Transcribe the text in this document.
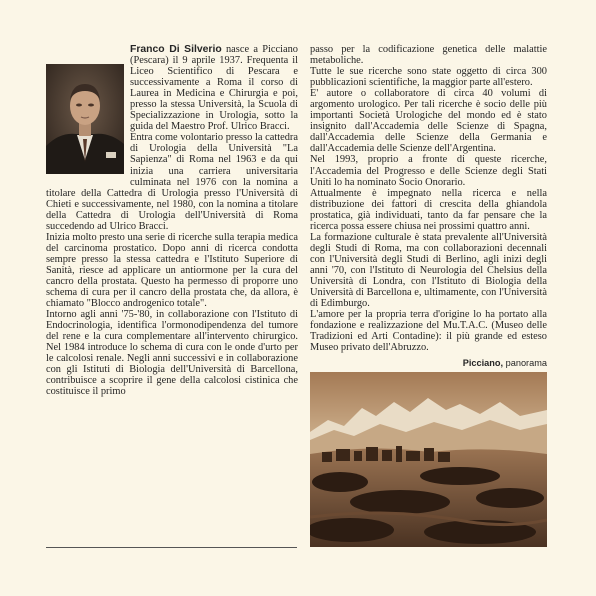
Franco Di Silverio nasce a Picciano (Pescara) il 9 aprile 1937. Frequenta il Liceo Scientifico di Pescara e successivamente a Roma il corso di Laurea in Medicina e Chirurgia e poi, presso la stessa Università, la Scuola di Specializzazione in Urologia, sotto la guida del Maestro Prof. Ulrico Bracci.

Entra come volontario presso la cattedra di Urologia della Università "La Sapienza" di Roma nel 1963 e da qui inizia una carriera universitaria culminata nel 1976 con la nomina a titolare della Cattedra di Urologia presso l'Università di Chieti e successivamente, nel 1980, con la nomina a titolare della Cattedra di Urologia dell'Università di Roma succedendo ad Ulrico Bracci.

Inizia molto presto una serie di ricerche sulla terapia medica del carcinoma prostatico. Dopo anni di ricerca condotta sempre presso la stessa cattedra e l'Istituto Superiore di Sanità, riesce ad applicare un antiormone per la cura del cancro della prostata. Questo ha permesso di proporre uno schema di cura per il cancro della prostata che, da allora, è chiamato "Blocco androgenico totale".

Intorno agli anni '75-'80, in collaborazione con l'Istituto di Endocrinologia, identifica l'ormonodipendenza del tumore del rene e la cura complementare all'intervento chirurgico. Nel 1984 introduce lo schema di cura con le onde d'urto per le calcolosi renale. Negli anni successivi e in collaborazione con gli Istituti di Biologia dell'Università di Barcellona, contribuisce a scoprire il gene della calcolosi cistinica che costituisce il primo

passo per la codificazione genetica delle malattie metaboliche.

Tutte le sue ricerche sono state oggetto di circa 300 pubblicazioni scientifiche, la maggior parte all'estero.

E' autore o collaboratore di circa 40 volumi di argomento urologico. Per tali ricerche è socio delle più importanti Società Urologiche del mondo ed è stato insignito dall'Accademia delle Scienze di Spagna, dall'Accademia delle Scienze della Germania e dall'Accademia delle Scienze dell'Argentina.

Nel 1993, proprio a fronte di queste ricerche, l'Accademia del Progresso e delle Scienze degli Stati Uniti lo ha nominato Socio Onorario.

Attualmente è impegnato nella ricerca e nella distribuzione dei fattori di crescita della ghiandola prostatica, già individuati, tanto da far pensare che la ricerca possa essere chiusa nei prossimi quattro anni.

La formazione culturale è stata prevalente all'Università degli Studi di Roma, ma con collaborazioni decennali con l'Università degli Studi di Berlino, agli inizi degli anni '70, con l'Istituto di Neurologia del Chelsius della Università di Londra, con l'Istituto di Biologia della Università di Barcellona e, ultimamente, con l'Università di Edimburgo.

L'amore per la propria terra d'origine lo ha portato alla fondazione e realizzazione del Mu.T.A.C. (Museo delle Tradizioni ed Arti Contadine): il più grande ed esteso Museo privato dell'Abruzzo.

Picciano, panorama
